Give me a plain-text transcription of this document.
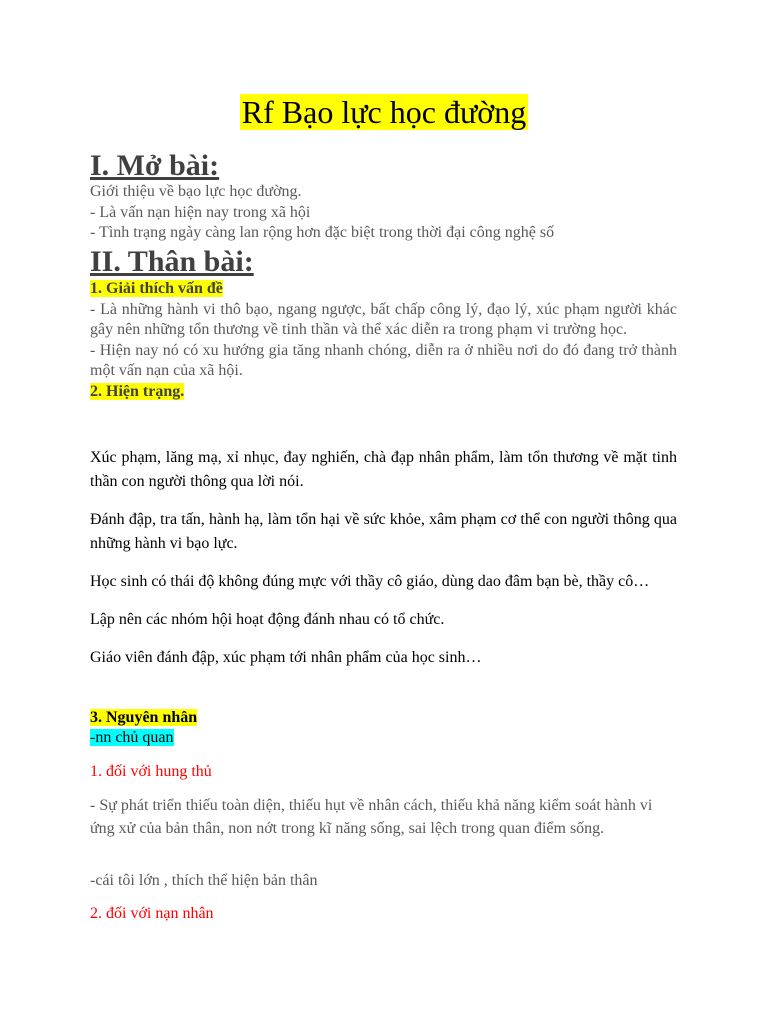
Rf Bạo lực học đường
I. Mở bài:

Giới thiệu về bạo lực học đường.

- Là vấn nạn hiện nay trong xã hội

- Tình trạng ngày càng lan rộng hơn đặc biệt trong thời đại công nghệ số

II. Thân bài:

1. Giải thích vấn đề

- Là những hành vi thô bạo, ngang ngược, bất chấp công lý, đạo lý, xúc phạm người khác gây nên những tổn thương về tinh thần và thể xác diễn ra trong phạm vi trường học.

- Hiện nay nó có xu hướng gia tăng nhanh chóng, diễn ra ở nhiều nơi do đó đang trở thành một vấn nạn của xã hội.

2. Hiện trạng.

Xúc phạm, lăng mạ, xỉ nhục, đay nghiến, chà đạp nhân phẩm, làm tổn thương về mặt tinh thần con người thông qua lời nói.

Đánh đập, tra tấn, hành hạ, làm tổn hại về sức khỏe, xâm phạm cơ thể con người thông qua những hành vi bạo lực.

Học sinh có thái độ không đúng mực với thầy cô giáo, dùng dao đâm bạn bè, thầy cô…

Lập nên các nhóm hội hoạt động đánh nhau có tổ chức.

Giáo viên đánh đập, xúc phạm tới nhân phẩm của học sinh…

3. Nguyên nhân

-nn chủ quan

1. đối với hung thủ
- Sự phát triển thiếu toàn diện, thiếu hụt về nhân cách, thiếu khả năng kiểm soát hành vi ứng xử của bản thân, non nớt trong kĩ năng sống, sai lệch trong quan điểm sống.
-cái tôi lớn , thích thể hiện bản thân
2. đối với nạn nhân
